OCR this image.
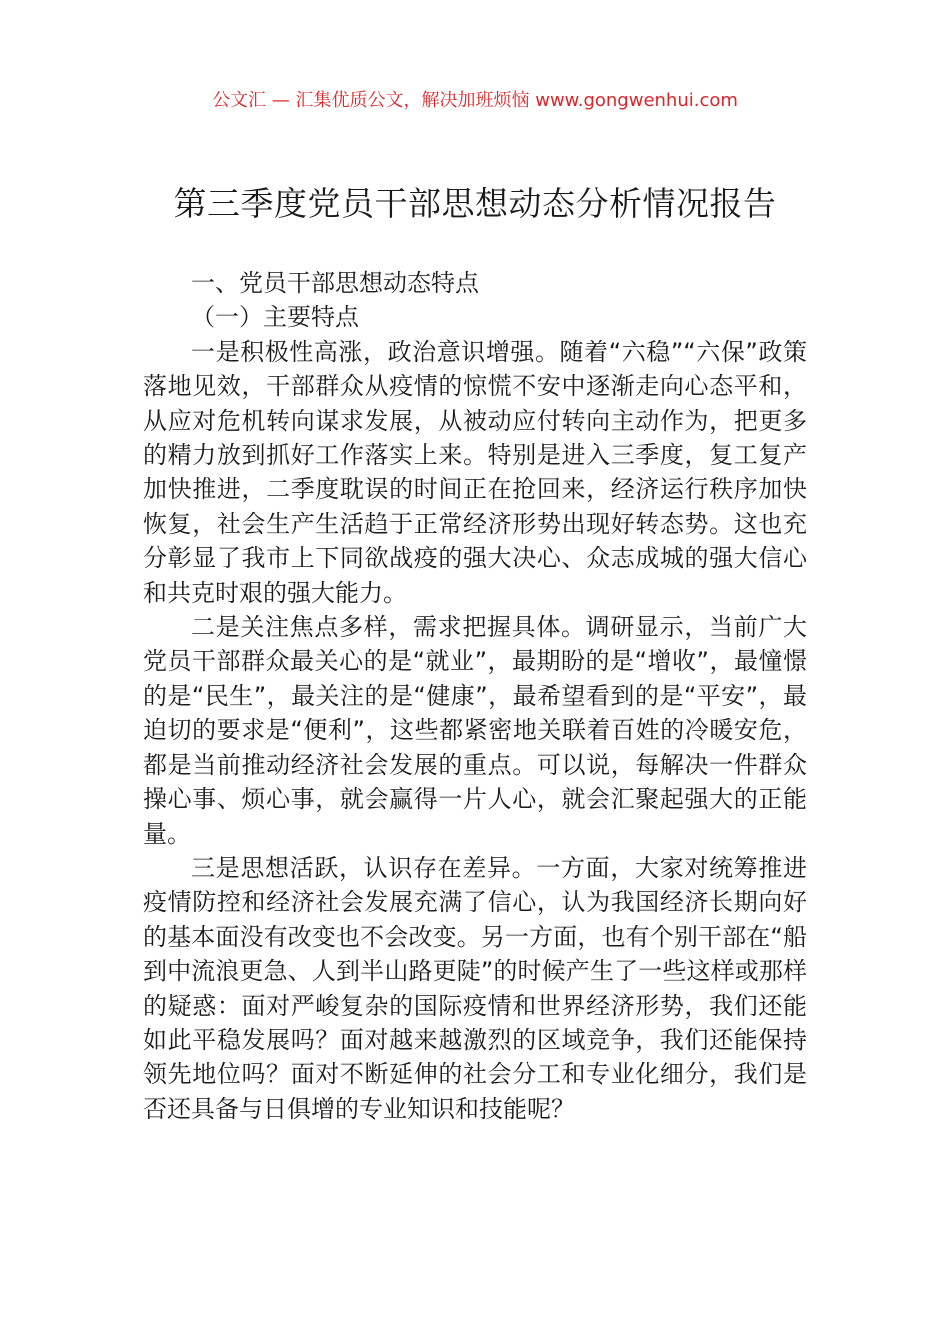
公文汇 — 汇集优质公文，解决加班烦恼 www.gongwenhui.com
第三季度党员干部思想动态分析情况报告

一、党员干部思想动态特点

（一）主要特点

一是积极性高涨，政治意识增强。随着“六稳”“六保”政策落地见效，干部群众从疫情的惊慌不安中逐渐走向心态平和，从应对危机转向谋求发展，从被动应付转向主动作为，把更多的精力放到抓好工作落实上来。特别是进入三季度，复工复产加快推进，二季度耽误的时间正在抢回来，经济运行秩序加快恢复，社会生产生活趋于正常经济形势出现好转态势。这也充分彰显了我市上下同欲战疫的强大决心、众志成城的强大信心和共克时艰的强大能力。

二是关注焦点多样，需求把握具体。调研显示，当前广大党员干部群众最关心的是“就业”，最期盼的是“增收”，最憧憬的是“民生”，最关注的是“健康”，最希望看到的是“平安”，最迫切的要求是“便利”，这些都紧密地关联着百姓的冷暖安危，都是当前推动经济社会发展的重点。可以说，每解决一件群众操心事、烦心事，就会赢得一片人心，就会汇聚起强大的正能量。

三是思想活跃，认识存在差异。一方面，大家对统筹推进疫情防控和经济社会发展充满了信心，认为我国经济长期向好的基本面没有改变也不会改变。另一方面，也有个别干部在“船到中流浪更急、人到半山路更陡”的时候产生了一些这样或那样的疑惑：面对严峻复杂的国际疫情和世界经济形势，我们还能如此平稳发展吗？面对越来越激烈的区域竞争，我们还能保持领先地位吗？面对不断延伸的社会分工和专业化细分，我们是否还具备与日俱增的专业知识和技能呢？
